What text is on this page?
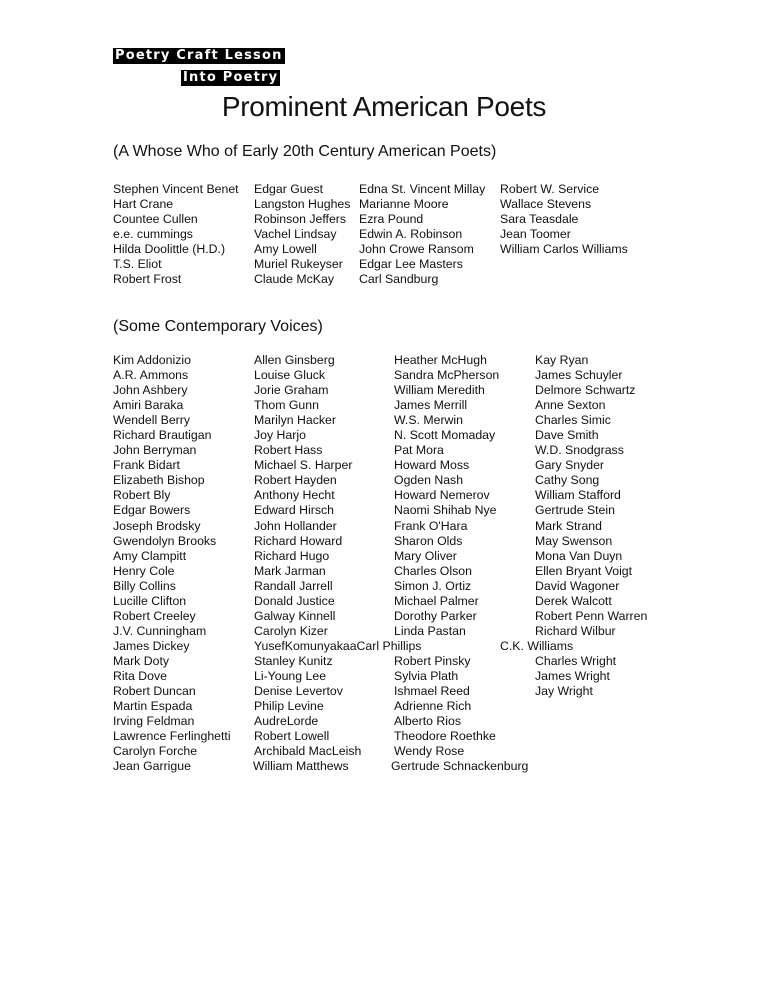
Poetry Craft Lesson
Into Poetry
Prominent American Poets
(A Whose Who of Early 20th Century American Poets)
Stephen Vincent Benet
Hart Crane
Countee Cullen
e.e. cummings
Hilda Doolittle (H.D.)
T.S. Eliot
Robert Frost
Edgar Guest
Langston Hughes
Robinson Jeffers
Vachel Lindsay
Amy Lowell
Muriel Rukeyser
Claude McKay
Edna St. Vincent Millay
Marianne Moore
Ezra Pound
Edwin A. Robinson
John Crowe Ransom
Edgar Lee Masters
Carl Sandburg
Robert W. Service
Wallace Stevens
Sara Teasdale
Jean Toomer
William Carlos Williams
(Some Contemporary Voices)
Kim Addonizio
A.R. Ammons
John Ashbery
Amiri Baraka
Wendell Berry
Richard Brautigan
John Berryman
Frank Bidart
Elizabeth Bishop
Robert Bly
Edgar Bowers
Joseph Brodsky
Gwendolyn Brooks
Amy Clampitt
Henry Cole
Billy Collins
Lucille Clifton
Robert Creeley
J.V. Cunningham
James Dickey
Mark Doty
Rita Dove
Robert Duncan
Martin Espada
Irving Feldman
Lawrence Ferlinghetti
Carolyn Forche
Jean Garrigue
Allen Ginsberg
Louise Gluck
Jorie Graham
Thom Gunn
Marilyn Hacker
Joy Harjo
Robert Hass
Michael S. Harper
Robert Hayden
Anthony Hecht
Edward Hirsch
John Hollander
Richard Howard
Richard Hugo
Mark Jarman
Randall Jarrell
Donald Justice
Galway Kinnell
Carolyn Kizer
YusefKomunyakaaCarl Phillips
Stanley Kunitz
Li-Young Lee
Denise Levertov
Philip Levine
AudreLorde
Robert Lowell
Archibald MacLeish
William Matthews
Heather McHugh
Sandra McPherson
William Meredith
James Merrill
W.S. Merwin
N. Scott Momaday
Pat Mora
Howard Moss
Ogden Nash
Howard Nemerov
Naomi Shihab Nye
Frank O'Hara
Sharon Olds
Mary Oliver
Charles Olson
Simon J. Ortiz
Michael Palmer
Dorothy Parker
Linda Pastan
Robert Pinsky
Sylvia Plath
Ishmael Reed
Adrienne Rich
Alberto Rios
Theodore Roethke
Wendy Rose
Gertrude Schnackenburg
Kay Ryan
James Schuyler
Delmore Schwartz
Anne Sexton
Charles Simic
Dave Smith
W.D. Snodgrass
Gary Snyder
Cathy Song
William Stafford
Gertrude Stein
Mark Strand
May Swenson
Mona Van Duyn
Ellen Bryant Voigt
David Wagoner
Derek Walcott
Robert Penn Warren
Richard Wilbur
C.K. Williams
Charles Wright
James Wright
Jay Wright
